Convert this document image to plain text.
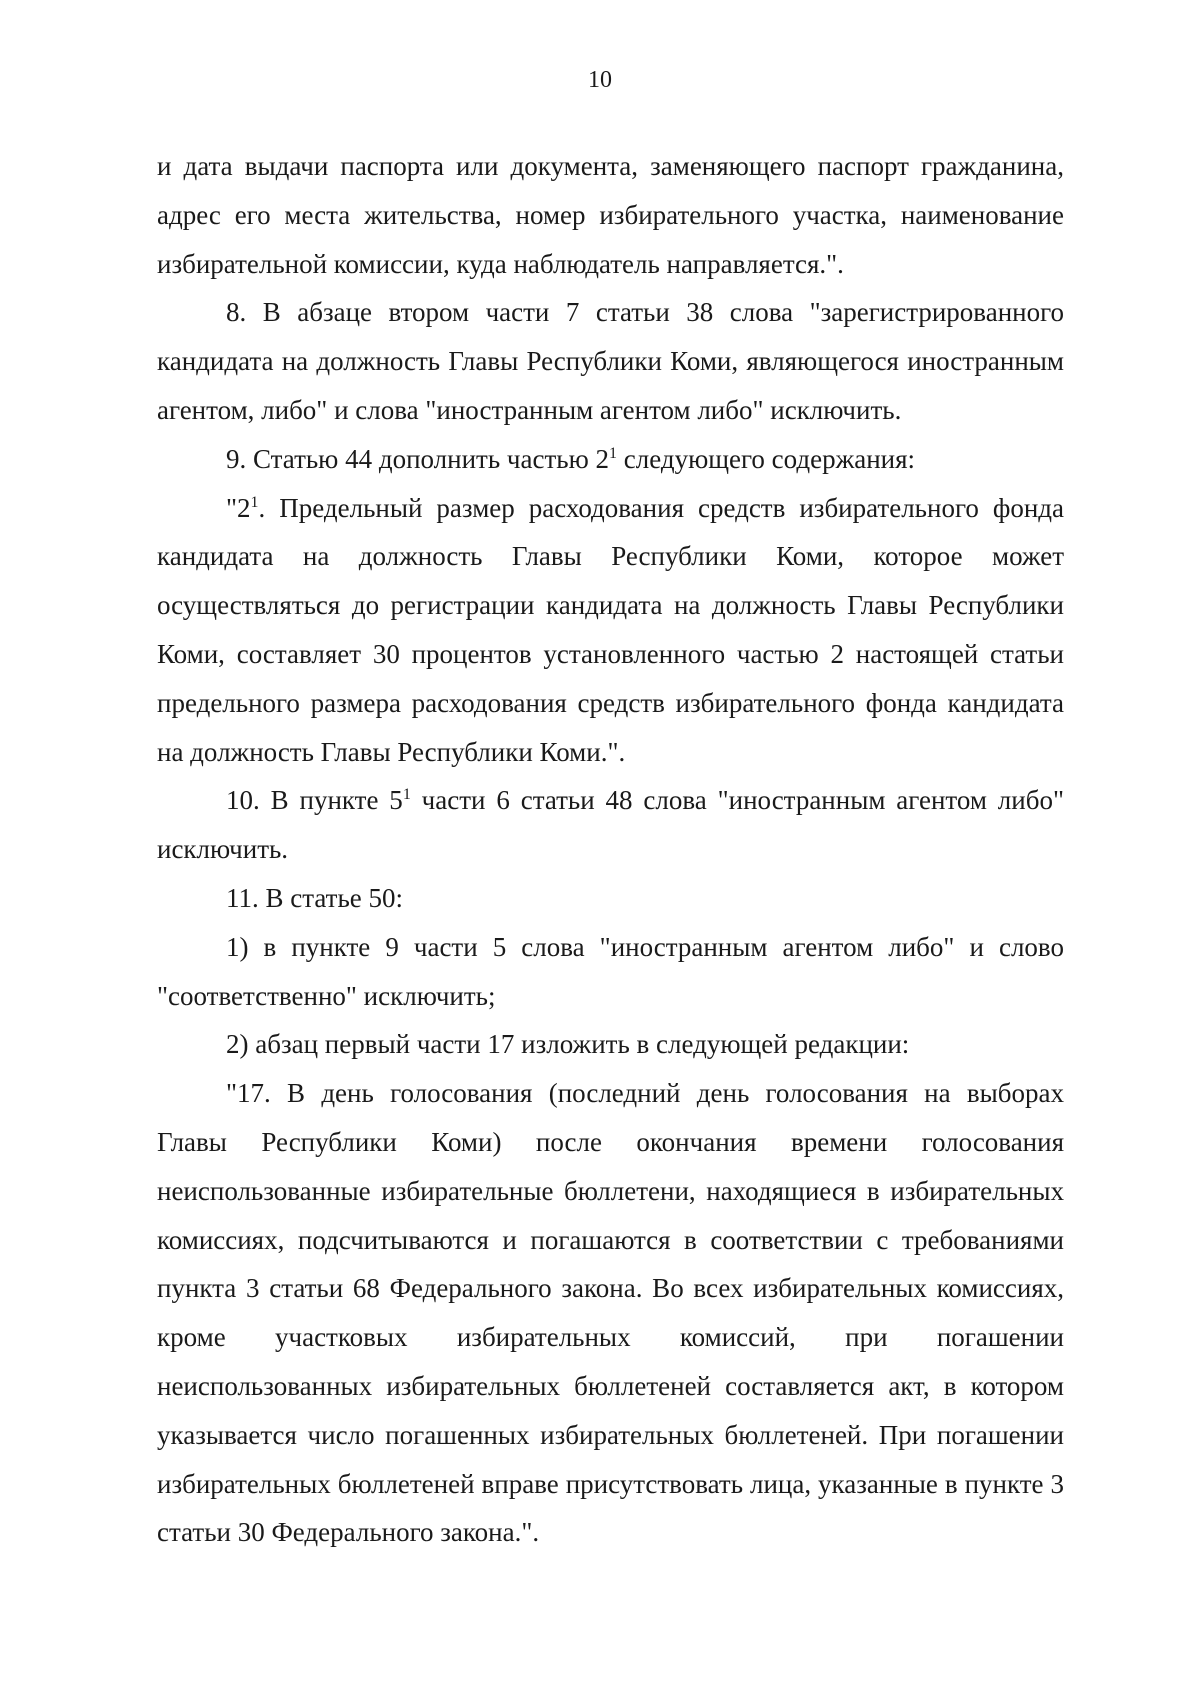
10

и дата выдачи паспорта или документа, заменяющего паспорт гражданина, адрес его места жительства, номер избирательного участка, наименование избирательной комиссии, куда наблюдатель направляется.".

8. В абзаце втором части 7 статьи 38 слова "зарегистрированного кандидата на должность Главы Республики Коми, являющегося иностранным агентом, либо" и слова "иностранным агентом либо" исключить.

9. Статью 44 дополнить частью $2^1$ следующего содержания:

"$2^1$. Предельный размер расходования средств избирательного фонда кандидата на должность Главы Республики Коми, которое может осуществляться до регистрации кандидата на должность Главы Республики Коми, составляет 30 процентов установленного частью 2 настоящей статьи предельного размера расходования средств избирательного фонда кандидата на должность Главы Республики Коми.".

10. В пункте $5^1$ части 6 статьи 48 слова "иностранным агентом либо" исключить.

11. В статье 50:

1) в пункте 9 части 5 слова "иностранным агентом либо" и слово "соответственно" исключить;

2) абзац первый части 17 изложить в следующей редакции:

"17. В день голосования (последний день голосования на выборах Главы Республики Коми) после окончания времени голосования неиспользованные избирательные бюллетени, находящиеся в избирательных комиссиях, подсчитываются и погашаются в соответствии с требованиями пункта 3 статьи 68 Федерального закона. Во всех избирательных комиссиях, кроме участковых избирательных комиссий, при погашении неиспользованных избирательных бюллетеней составляется акт, в котором указывается число погашенных избирательных бюллетеней. При погашении избирательных бюллетеней вправе присутствовать лица, указанные в пункте 3 статьи 30 Федерального закона.".
